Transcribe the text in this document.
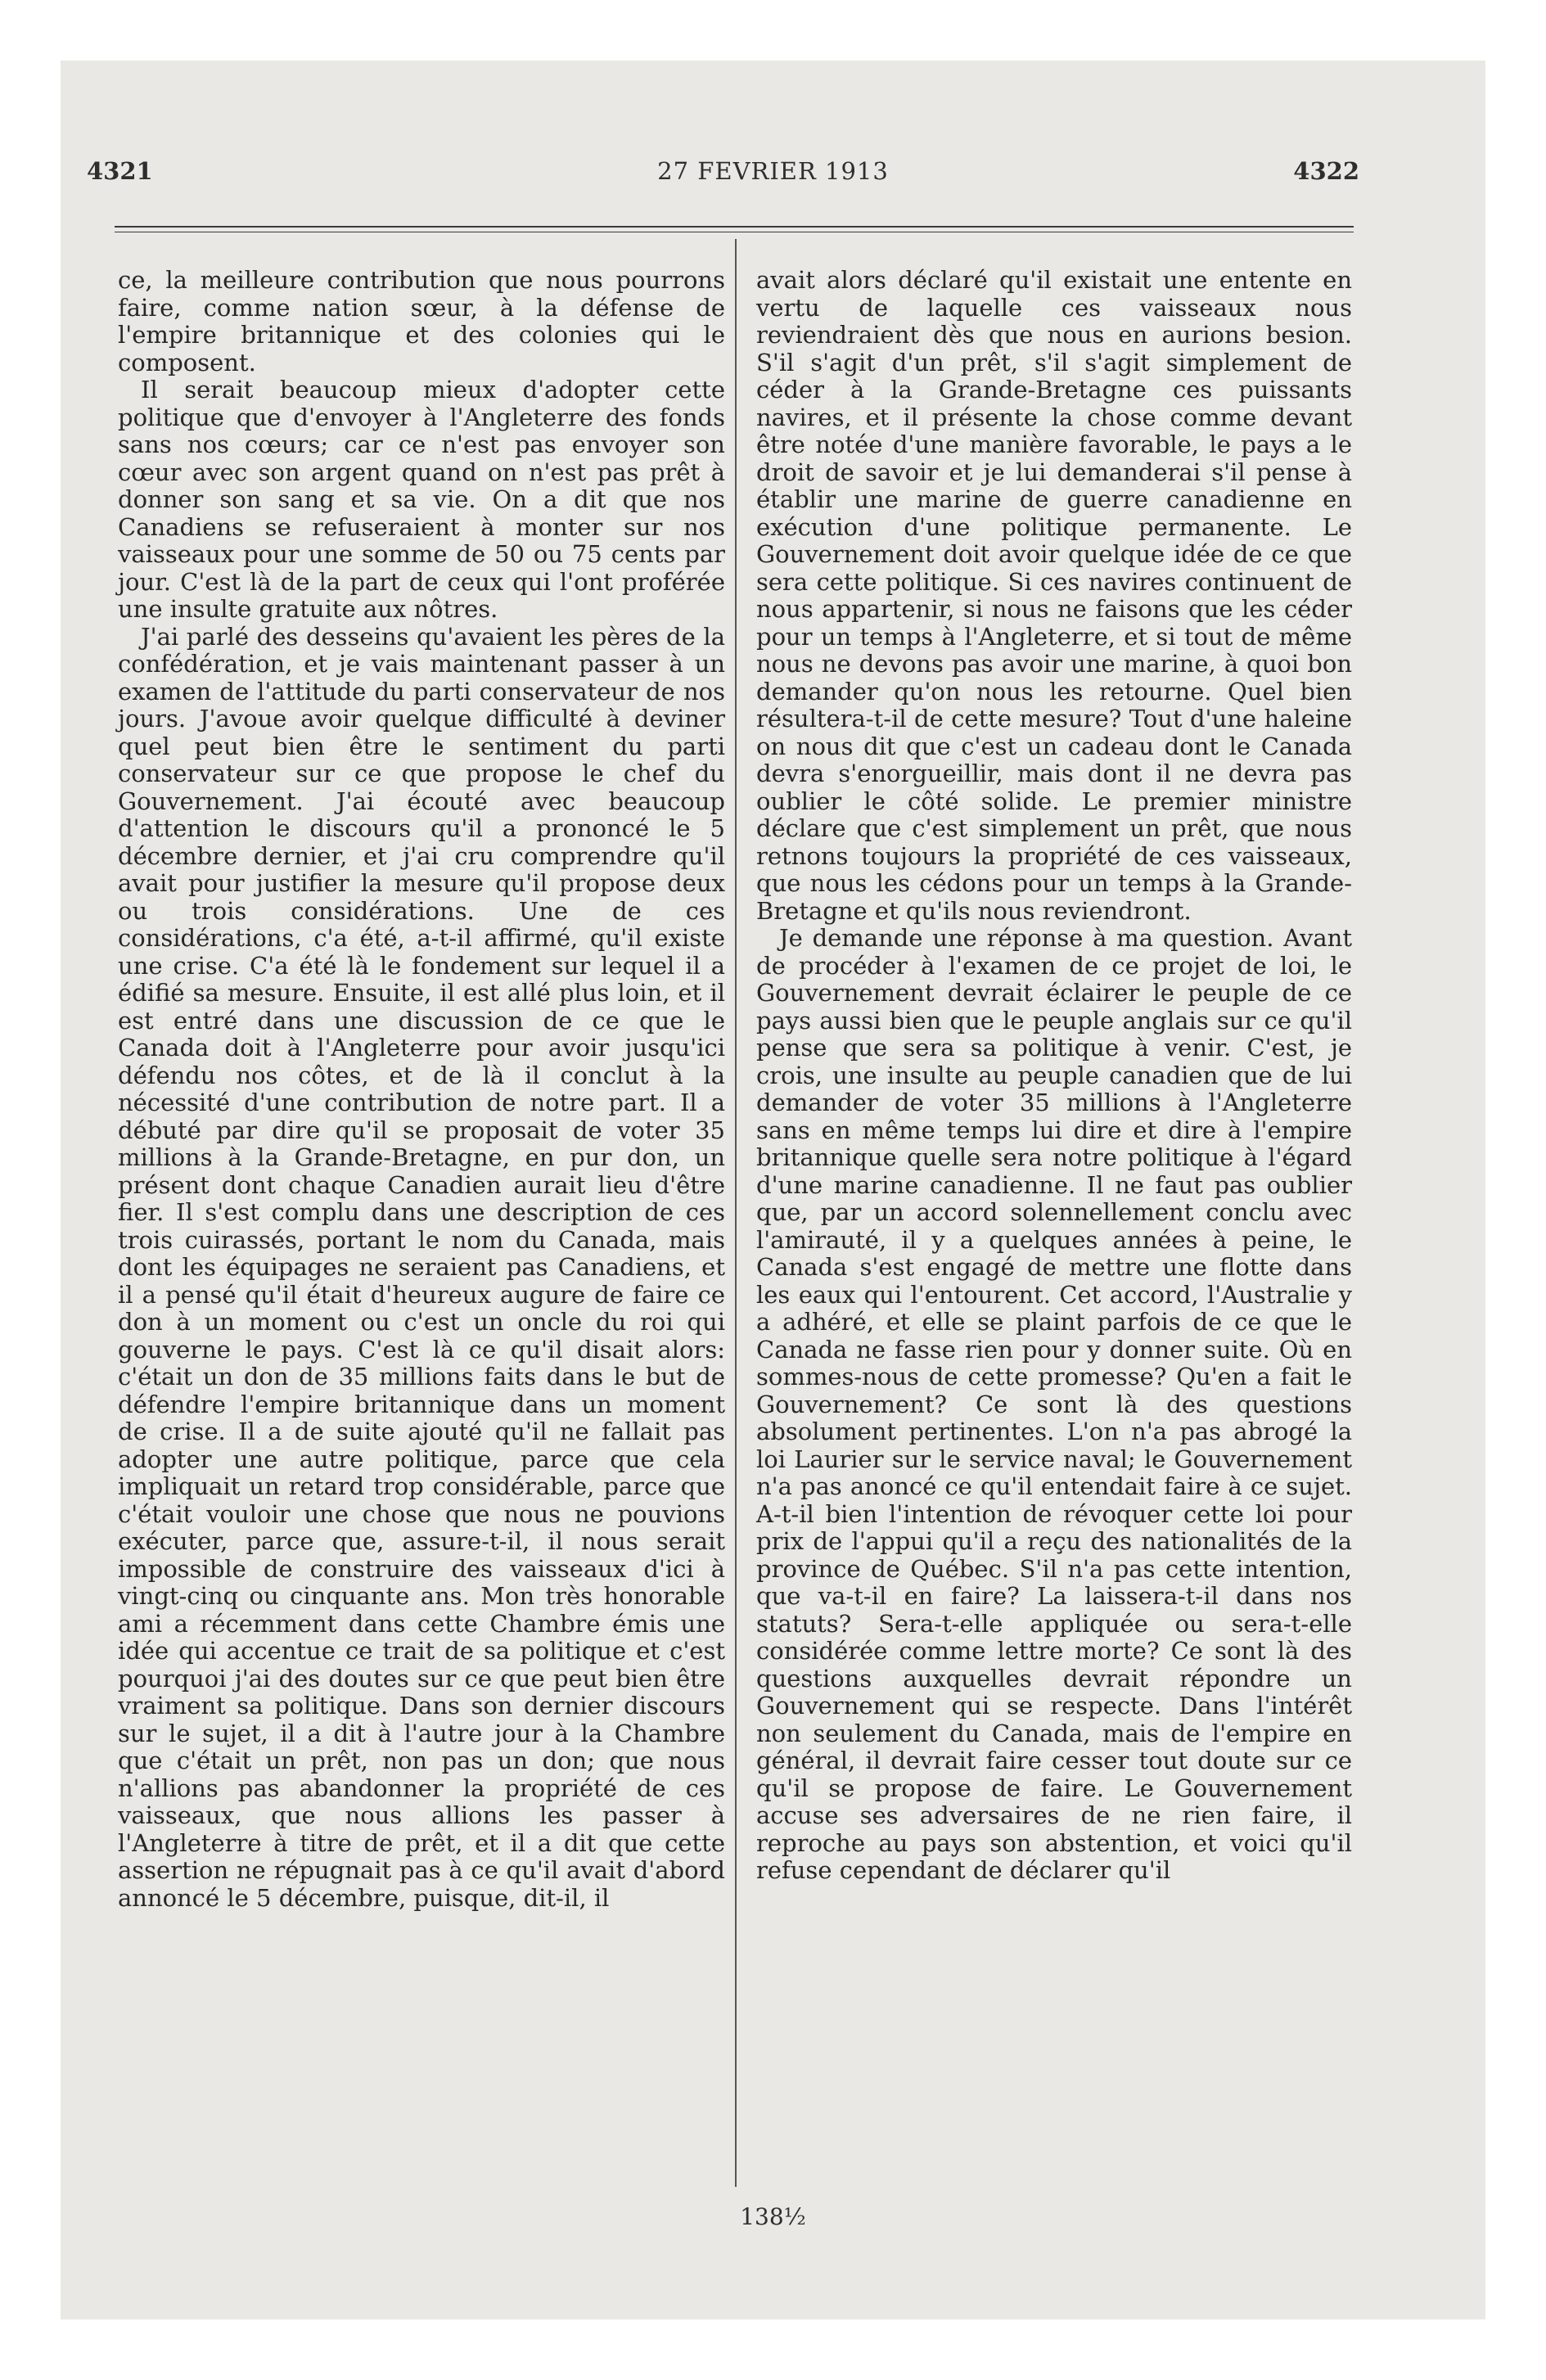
4321	27 FEVRIER 1913	4322

ce, la meilleure contribution que nous pourrons faire, comme nation sœur, à la défense de l'empire britannique et des colonies qui le composent.

Il serait beaucoup mieux d'adopter cette politique que d'envoyer à l'Angleterre des fonds sans nos cœurs; car ce n'est pas envoyer son cœur avec son argent quand on n'est pas prêt à donner son sang et sa vie. On a dit que nos Canadiens se refuseraient à monter sur nos vaisseaux pour une somme de 50 ou 75 cents par jour. C'est là de la part de ceux qui l'ont proférée une insulte gratuite aux nôtres.

J'ai parlé des desseins qu'avaient les pères de la confédération, et je vais maintenant passer à un examen de l'attitude du parti conservateur de nos jours. J'avoue avoir quelque difficulté à deviner quel peut bien être le sentiment du parti conservateur sur ce que propose le chef du Gouvernement. J'ai écouté avec beaucoup d'attention le discours qu'il a prononcé le 5 décembre dernier, et j'ai cru comprendre qu'il avait pour justifier la mesure qu'il propose deux ou trois considérations. Une de ces considérations, c'a été, a-t-il affirmé, qu'il existe une crise. C'a été là le fondement sur lequel il a édifié sa mesure. Ensuite, il est allé plus loin, et il est entré dans une discussion de ce que le Canada doit à l'Angleterre pour avoir jusqu'ici défendu nos côtes, et de là il conclut à la nécessité d'une contribution de notre part. Il a débuté par dire qu'il se proposait de voter 35 millions à la Grande-Bretagne, en pur don, un présent dont chaque Canadien aurait lieu d'être fier. Il s'est complu dans une description de ces trois cuirassés, portant le nom du Canada, mais dont les équipages ne seraient pas Canadiens, et il a pensé qu'il était d'heureux augure de faire ce don à un moment ou c'est un oncle du roi qui gouverne le pays. C'est là ce qu'il disait alors: c'était un don de 35 millions faits dans le but de défendre l'empire britannique dans un moment de crise. Il a de suite ajouté qu'il ne fallait pas adopter une autre politique, parce que cela impliquait un retard trop considérable, parce que c'était vouloir une chose que nous ne pouvions exécuter, parce que, assure-t-il, il nous serait impossible de construire des vaisseaux d'ici à vingt-cinq ou cinquante ans. Mon très honorable ami a récemment dans cette Chambre émis une idée qui accentue ce trait de sa politique et c'est pourquoi j'ai des doutes sur ce que peut bien être vraiment sa politique. Dans son dernier discours sur le sujet, il a dit à l'autre jour à la Chambre que c'était un prêt, non pas un don; que nous n'allions pas abandonner la propriété de ces vaisseaux, que nous allions les passer à l'Angleterre à titre de prêt, et il a dit que cette assertion ne répugnait pas à ce qu'il avait d'abord annoncé le 5 décembre, puisque, dit-il, il

avait alors déclaré qu'il existait une entente en vertu de laquelle ces vaisseaux nous reviendraient dès que nous en aurions besion. S'il s'agit d'un prêt, s'il s'agit simplement de céder à la Grande-Bretagne ces puissants navires, et il présente la chose comme devant être notée d'une manière favorable, le pays a le droit de savoir et je lui demanderai s'il pense à établir une marine de guerre canadienne en exécution d'une politique permanente. Le Gouvernement doit avoir quelque idée de ce que sera cette politique. Si ces navires continuent de nous appartenir, si nous ne faisons que les céder pour un temps à l'Angleterre, et si tout de même nous ne devons pas avoir une marine, à quoi bon demander qu'on nous les retourne. Quel bien résultera-t-il de cette mesure? Tout d'une haleine on nous dit que c'est un cadeau dont le Canada devra s'enorgueillir, mais dont il ne devra pas oublier le côté solide. Le premier ministre déclare que c'est simplement un prêt, que nous retnons toujours la propriété de ces vaisseaux, que nous les cédons pour un temps à la Grande-Bretagne et qu'ils nous reviendront.

Je demande une réponse à ma question. Avant de procéder à l'examen de ce projet de loi, le Gouvernement devrait éclairer le peuple de ce pays aussi bien que le peuple anglais sur ce qu'il pense que sera sa politique à venir. C'est, je crois, une insulte au peuple canadien que de lui demander de voter 35 millions à l'Angleterre sans en même temps lui dire et dire à l'empire britannique quelle sera notre politique à l'égard d'une marine canadienne. Il ne faut pas oublier que, par un accord solennellement conclu avec l'amirauté, il y a quelques années à peine, le Canada s'est engagé de mettre une flotte dans les eaux qui l'entourent. Cet accord, l'Australie y a adhéré, et elle se plaint parfois de ce que le Canada ne fasse rien pour y donner suite. Où en sommes-nous de cette promesse? Qu'en a fait le Gouvernement? Ce sont là des questions absolument pertinentes. L'on n'a pas abrogé la loi Laurier sur le service naval; le Gouvernement n'a pas anoncé ce qu'il entendait faire à ce sujet. A-t-il bien l'intention de révoquer cette loi pour prix de l'appui qu'il a reçu des nationalités de la province de Québec. S'il n'a pas cette intention, que va-t-il en faire? La laissera-t-il dans nos statuts? Sera-t-elle appliquée ou sera-t-elle considérée comme lettre morte? Ce sont là des questions auxquelles devrait répondre un Gouvernement qui se respecte. Dans l'intérêt non seulement du Canada, mais de l'empire en général, il devrait faire cesser tout doute sur ce qu'il se propose de faire. Le Gouvernement accuse ses adversaires de ne rien faire, il reproche au pays son abstention, et voici qu'il refuse cependant de déclarer qu'il

138½
